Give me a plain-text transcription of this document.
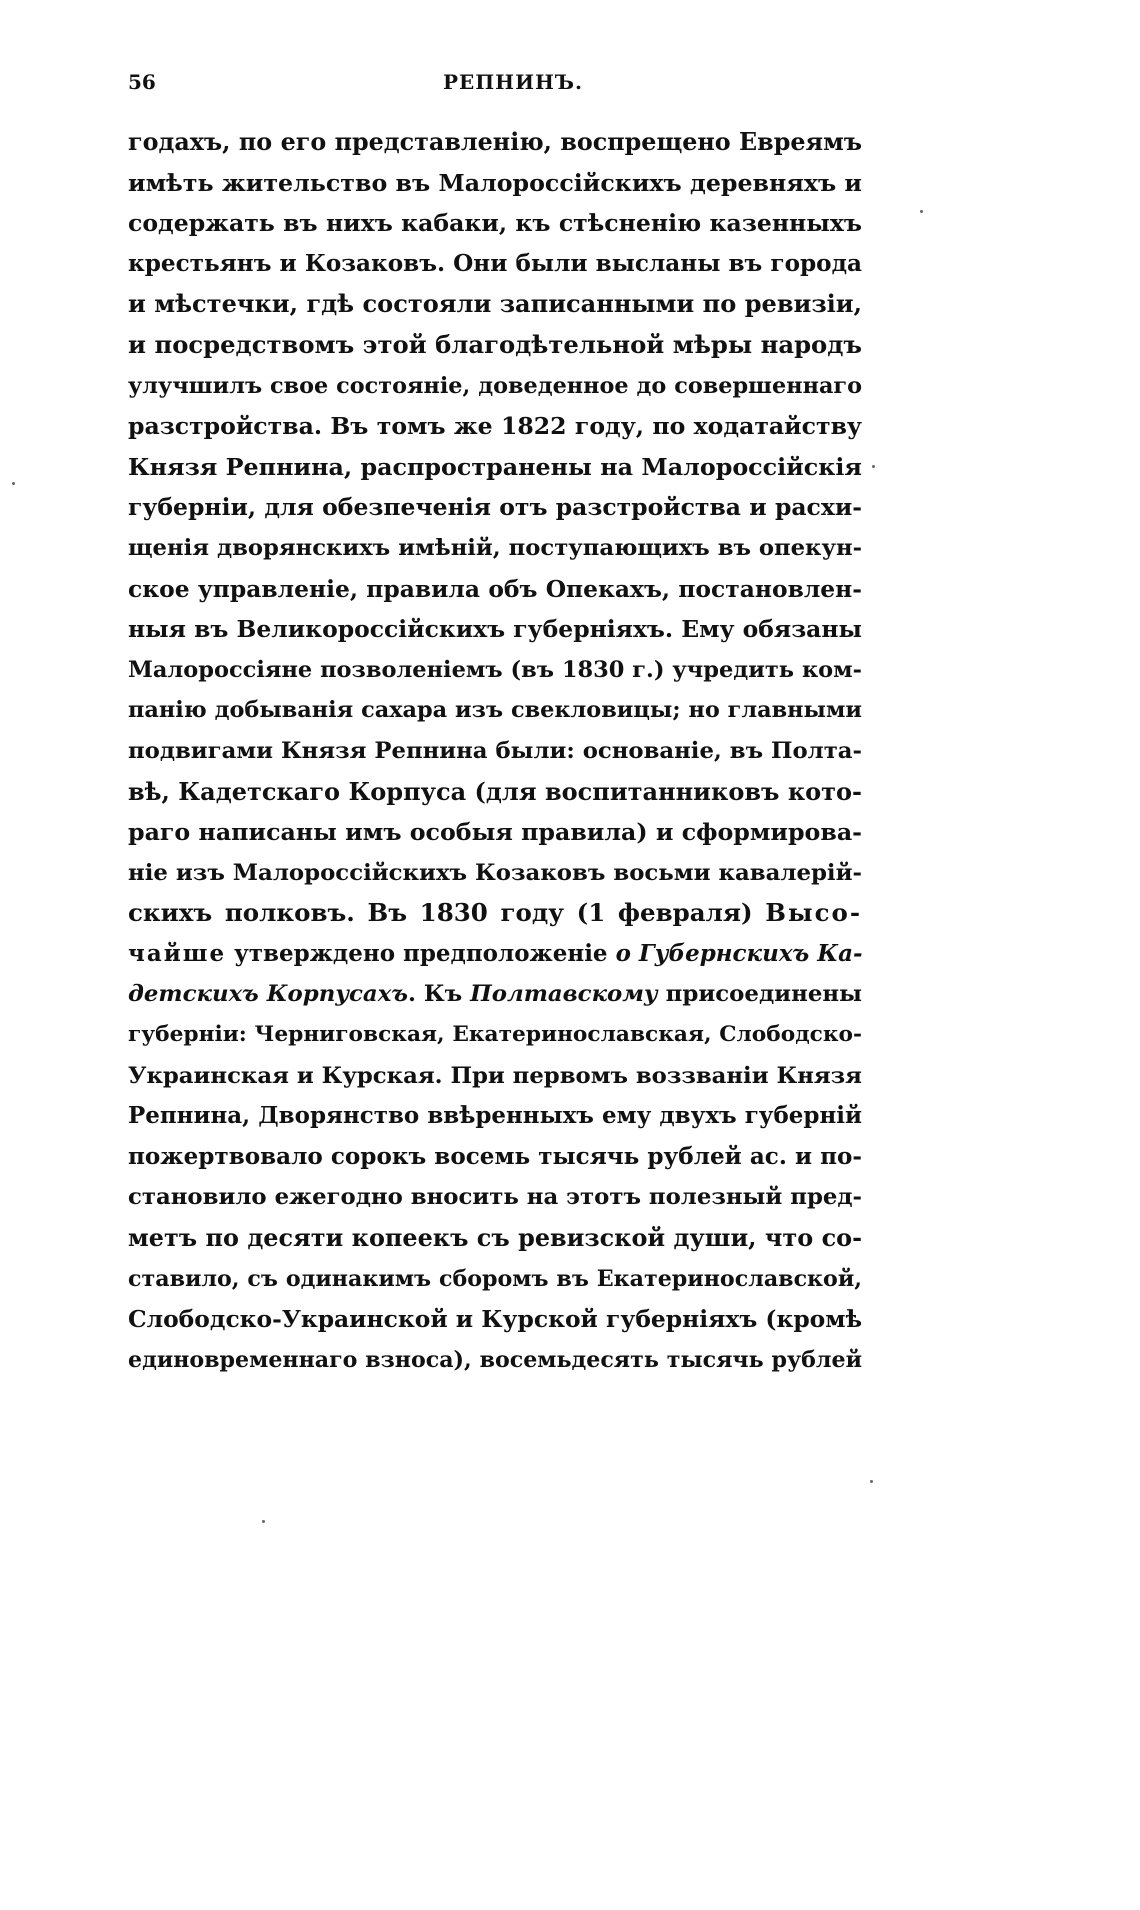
56	РЕПНИНЪ.
годахъ, по его представленію, воспрещено Евреямъ
имѣть жительство въ Малороссійскихъ деревняхъ и
содержать въ нихъ кабаки, къ стѣсненію казенныхъ
крестьянъ и Козаковъ. Они были высланы въ города
и мѣстечки, гдѣ состояли записанными по ревизіи,
и посредствомъ этой благодѣтельной мѣры народъ
улучшилъ свое состояніе, доведенное до совершеннаго
разстройства. Въ томъ же 1822 году, по ходатайству
Князя Репнина, распространены на Малороссійскія
губерніи, для обезпеченія отъ разстройства и расхи-
щенія дворянскихъ имѣній, поступающихъ въ опекун-
ское управленіе, правила объ Опекахъ, постановлен-
ныя въ Великороссійскихъ губерніяхъ. Ему обязаны
Малороссіяне позволеніемъ (въ 1830 г.) учредить ком-
панію добыванія сахара изъ свекловицы; но главными
подвигами Князя Репнина были: основаніе, въ Полта-
вѣ, Кадетскаго Корпуса (для воспитанниковъ кото-
раго написаны имъ особыя правила) и сформирова-
ніе изъ Малороссійскихъ Козаковъ восьми кавалерій-
скихъ полковъ. Въ 1830 году (1 февраля) Высо-
чайше утверждено предположеніе о Губернскихъ Ка-
детскихъ Корпусахъ. Къ Полтавскому присоединены
губерніи: Черниговская, Екатеринославская, Слободско-
Украинская и Курская. При первомъ воззваніи Князя
Репнина, Дворянство ввѣренныхъ ему двухъ губерній
пожертвовало сорокъ восемь тысячь рублей ас. и по-
становило ежегодно вносить на этотъ полезный пред-
метъ по десяти копеекъ съ ревизской души, что со-
ставило, съ одинакимъ сборомъ въ Екатеринославской,
Слободско-Украинской и Курской губерніяхъ (кромѣ
единовременнаго взноса), восемьдесять тысячь рублей
